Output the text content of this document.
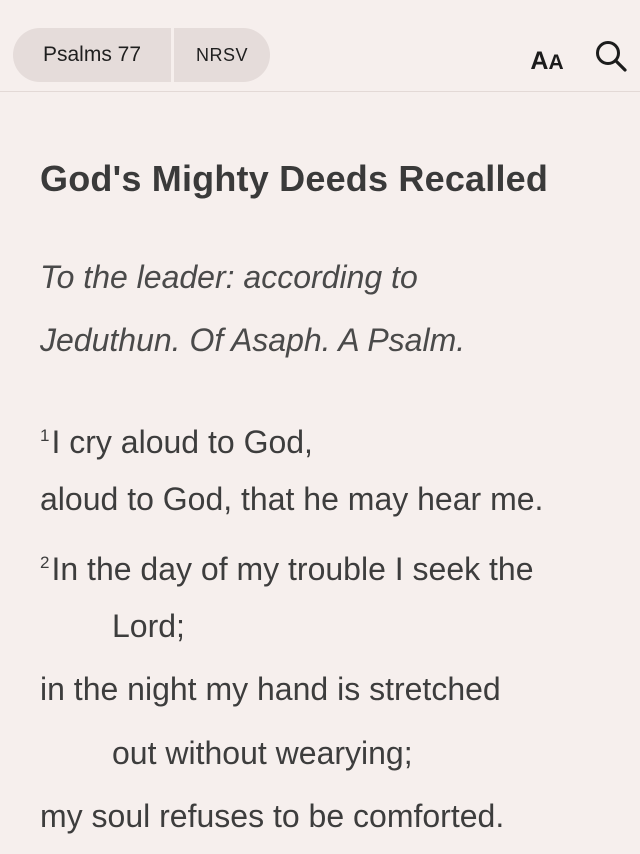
Psalms 77	NRSV	A A
God's Mighty Deeds Recalled
To the leader: according to
Jeduthun. Of Asaph. A Psalm.
$^1$I cry aloud to God,
aloud to God, that he may hear me.
$^2$In the day of my trouble I seek the
Lord;
in the night my hand is stretched
out without wearying;
my soul refuses to be comforted.
